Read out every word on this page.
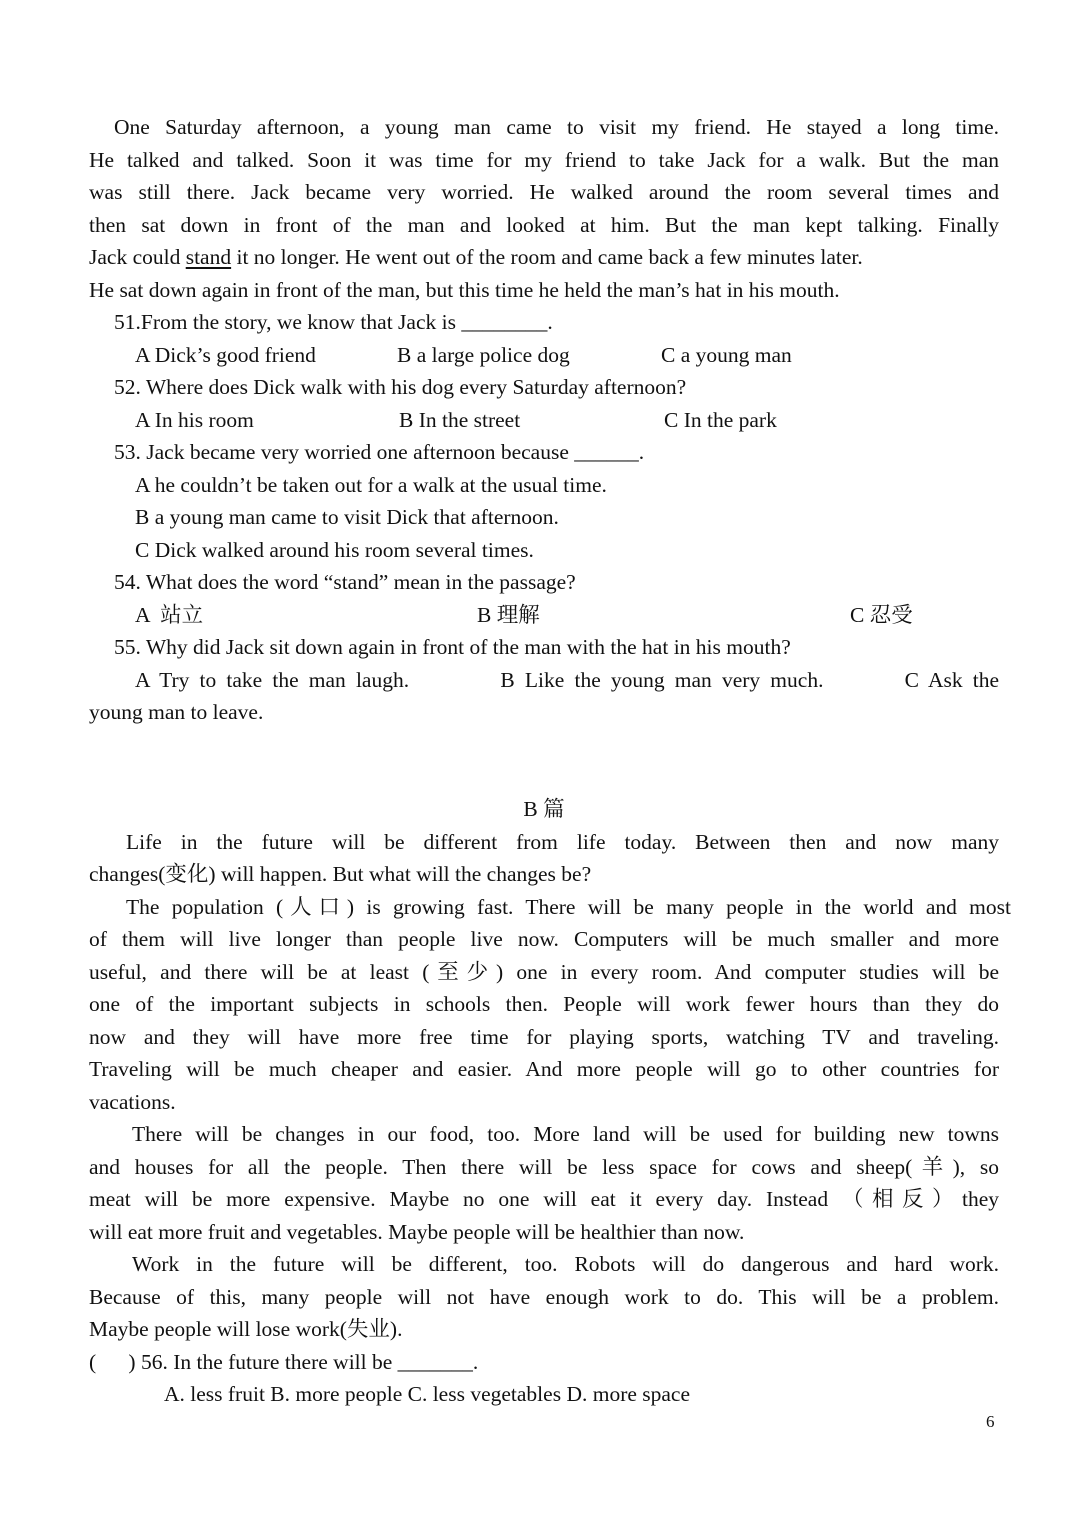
One Saturday afternoon, a young man came to visit my friend. He stayed a long time.
He talked and talked. Soon it was time for my friend to take Jack for a walk. But the man
was still there. Jack became very worried. He walked around the room several times and
then sat down in front of the man and looked at him. But the man kept talking. Finally
Jack could stand it no longer. He went out of the room and came back a few minutes later.
He sat down again in front of the man, but this time he held the man’s hat in his mouth.
51.From the story, we know that Jack is ________.
A Dick’s good friend	B a large police dog	C a young man
52. Where does Dick walk with his dog every Saturday afternoon?
A In his room	B In the street	C In the park
53. Jack became very worried one afternoon because ______.
A he couldn’t be taken out for a walk at the usual time.
B a young man came to visit Dick that afternoon.
C Dick walked around his room several times.
54. What does the word “stand” mean in the passage?
A  站立	B 理解	C 忍受
55. Why did Jack sit down again in front of the man with the hat in his mouth?
A Try to take the man laugh.         B Like the young man very much.        C Ask the
young man to leave.
B 篇
Life in the future will be different from life today. Between then and now many
changes(变化) will happen. But what will the changes be?
The population (人口) is growing fast. There will be many people in the world and most
of them will live longer than people live now. Computers will be much smaller and more
useful, and there will be at least (至少) one in every room. And computer studies will be
one of the important subjects in schools then. People will work fewer hours than they do
now and they will have more free time for playing sports, watching TV and traveling.
Traveling will be much cheaper and easier. And more people will go to other countries for
vacations.
There will be changes in our food, too. More land will be used for building new towns
and houses for all the people. Then there will be less space for cows and sheep(羊), so
meat will be more expensive. Maybe no one will eat it every day. Instead （相反）they
will eat more fruit and vegetables. Maybe people will be healthier than now.
Work in the future will be different, too. Robots will do dangerous and hard work.
Because of this, many people will not have enough work to do. This will be a problem.
Maybe people will lose work(失业).
(      ) 56. In the future there will be _______.
A. less fruit B. more people C. less vegetables D. more space
6
